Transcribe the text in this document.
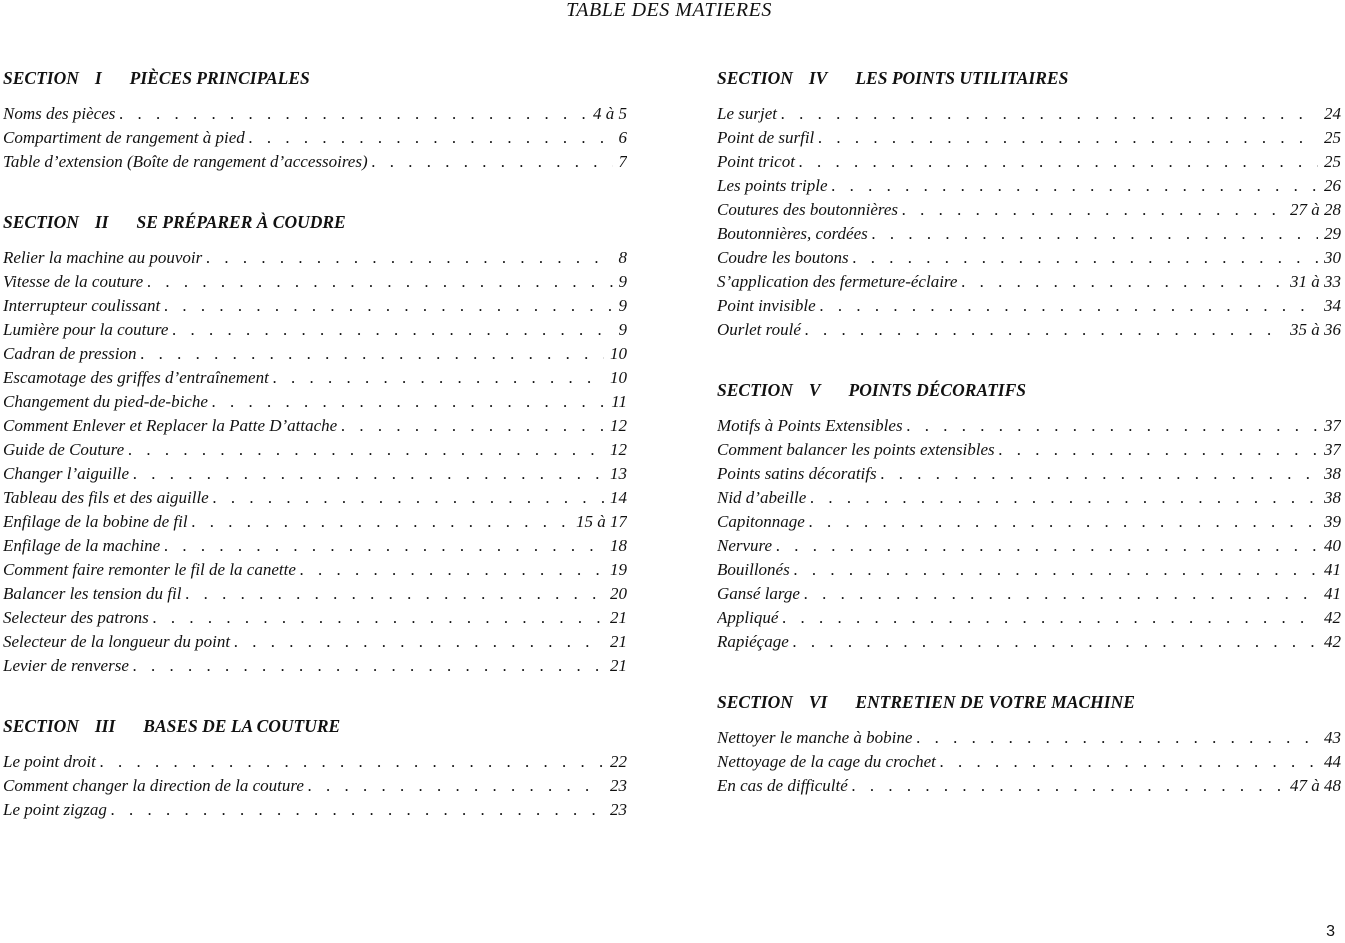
TABLE DES MATIERES
SECTION I PIÈCES PRINCIPALES
Noms des pièces . . .	4 à 5
Compartiment de rangement à pied . . .	6
Table d’extension (Boîte de rangement d’accessoires) . . .	7
SECTION II SE PRÉPARER À COUDRE
Relier la machine au pouvoir . . .	8
Vitesse de la couture . . .	9
Interrupteur coulissant . . .	9
Lumière pour la couture . . .	9
Cadran de pression . . .	10
Escamotage des griffes d’entraînement . . .	10
Changement du pied-de-biche . . .	11
Comment Enlever et Replacer la Patte D’attache . . .	12
Guide de Couture . . .	12
Changer l’aiguille . . .	13
Tableau des fils et des aiguille . . .	14
Enfilage de la bobine de fil . . .	15 à 17
Enfilage de la machine . . .	18
Comment faire remonter le fil de la canette . . .	19
Balancer les tension du fil . . .	20
Selecteur des patrons . . .	21
Selecteur de la longueur du point . . .	21
Levier de renverse . . .	21
SECTION III BASES DE LA COUTURE
Le point droit . . .	22
Comment changer la direction de la couture . . .	23
Le point zigzag . . .	23
SECTION IV LES POINTS UTILITAIRES
Le surjet . . .	24
Point de surfil . . .	25
Point tricot . . .	25
Les points triple . . .	26
Coutures des boutonnières . . .	27 à 28
Boutonnières, cordées . . .	29
Coudre les boutons . . .	30
S’application des fermeture-éclaire . . .	31 à 33
Point invisible . . .	34
Ourlet roulé . . .	35 à 36
SECTION V POINTS DÉCORATIFS
Motifs à Points Extensibles . . .	37
Comment balancer les points extensibles . . .	37
Points satins décoratifs . . .	38
Nid d’abeille . . .	38
Capitonnage . . .	39
Nervure . . .	40
Bouillonés . . .	41
Gansé large . . .	41
Appliqué . . .	42
Rapiéçage . . .	42
SECTION VI ENTRETIEN DE VOTRE MACHINE
Nettoyer le manche à bobine . . .	43
Nettoyage de la cage du crochet . . .	44
En cas de difficulté . . .	47 à 48
3
